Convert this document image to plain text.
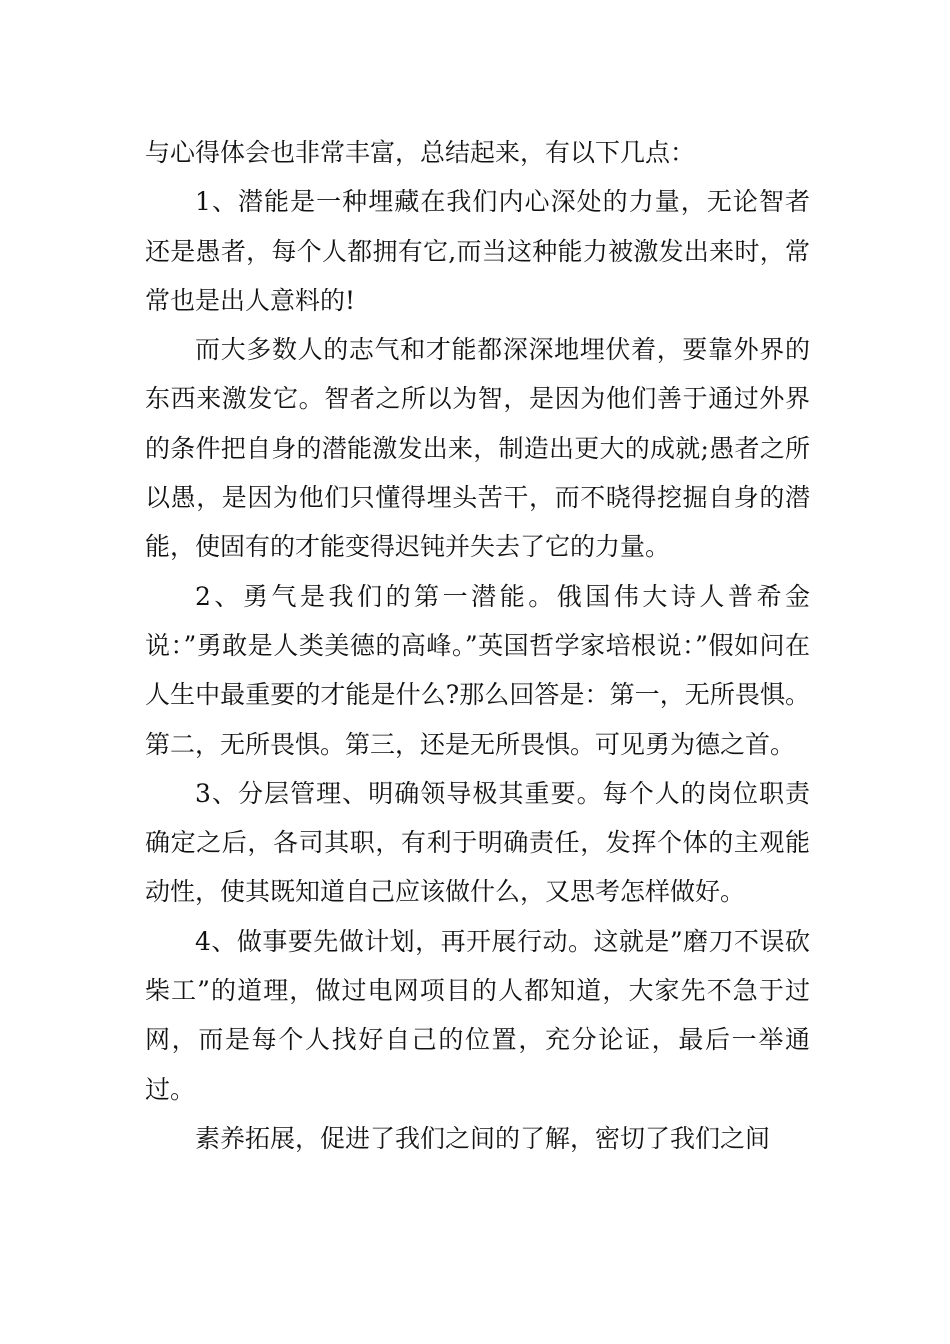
与心得体会也非常丰富，总结起来，有以下几点：

1、潜能是一种埋藏在我们内心深处的力量，无论智者还是愚者，每个人都拥有它,而当这种能力被激发出来时，常常也是出人意料的!

而大多数人的志气和才能都深深地埋伏着，要靠外界的东西来激发它。智者之所以为智，是因为他们善于通过外界的条件把自身的潜能激发出来，制造出更大的成就;愚者之所以愚，是因为他们只懂得埋头苦干，而不晓得挖掘自身的潜能，使固有的才能变得迟钝并失去了它的力量。

2、勇气是我们的第一潜能。俄国伟大诗人普希金说：”勇敢是人类美德的高峰。”英国哲学家培根说：”假如问在人生中最重要的才能是什么?那么回答是：第一，无所畏惧。第二，无所畏惧。第三，还是无所畏惧。可见勇为德之首。

3、分层管理、明确领导极其重要。每个人的岗位职责确定之后，各司其职，有利于明确责任，发挥个体的主观能动性，使其既知道自己应该做什么，又思考怎样做好。

4、做事要先做计划，再开展行动。这就是”磨刀不误砍柴工”的道理，做过电网项目的人都知道，大家先不急于过网，而是每个人找好自己的位置，充分论证，最后一举通过。

素养拓展，促进了我们之间的了解，密切了我们之间
